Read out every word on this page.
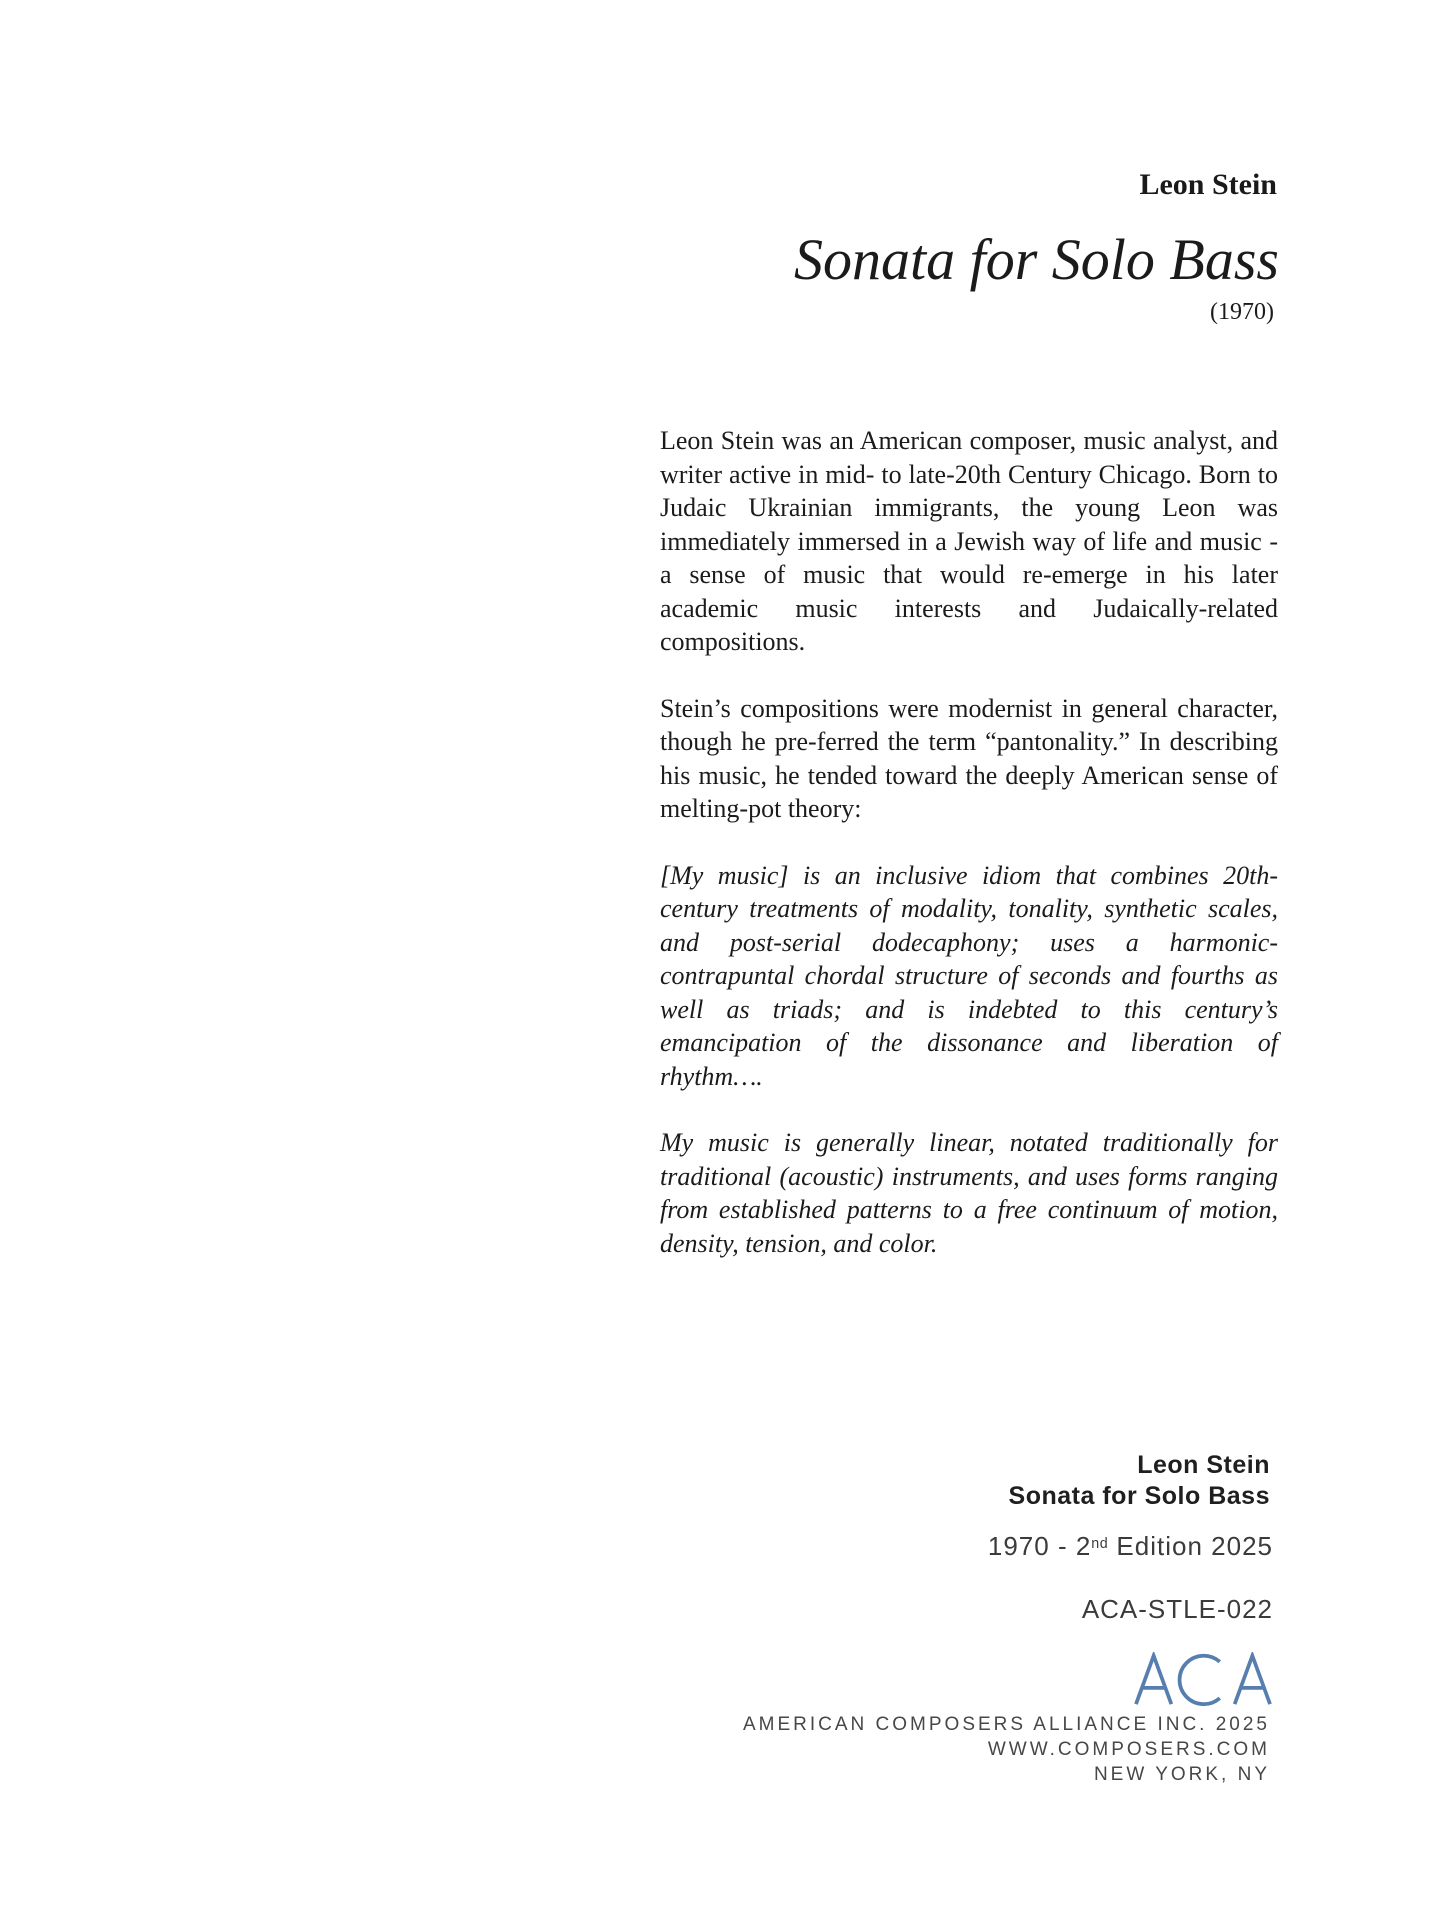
Leon Stein
Sonata for Solo Bass
(1970)

Leon Stein was an American composer, music analyst, and writer active in mid- to late-20th Century Chicago. Born to Judaic Ukrainian immigrants, the young Leon was immediately immersed in a Jewish way of life and music - a sense of music that would re-emerge in his later academic music interests and Judaically-related compositions.

Stein’s compositions were modernist in general character, though he pre-ferred the term “pantonality.” In describing his music, he tended toward the deeply American sense of melting-pot theory:

[My music] is an inclusive idiom that combines 20th-century treatments of modality, tonality, synthetic scales, and post-serial dodecaphony; uses a harmonic-contrapuntal chordal structure of seconds and fourths as well as triads; and is indebted to this century’s emancipation of the dissonance and liberation of rhythm….

My music is generally linear, notated traditionally for traditional (acoustic) instruments, and uses forms ranging from established patterns to a free continuum of motion, density, tension, and color.

Leon Stein
Sonata for Solo Bass
1970 - 2nd Edition 2025
ACA-STLE-022
AMERICAN COMPOSERS ALLIANCE INC. 2025
WWW.COMPOSERS.COM
NEW YORK, NY
